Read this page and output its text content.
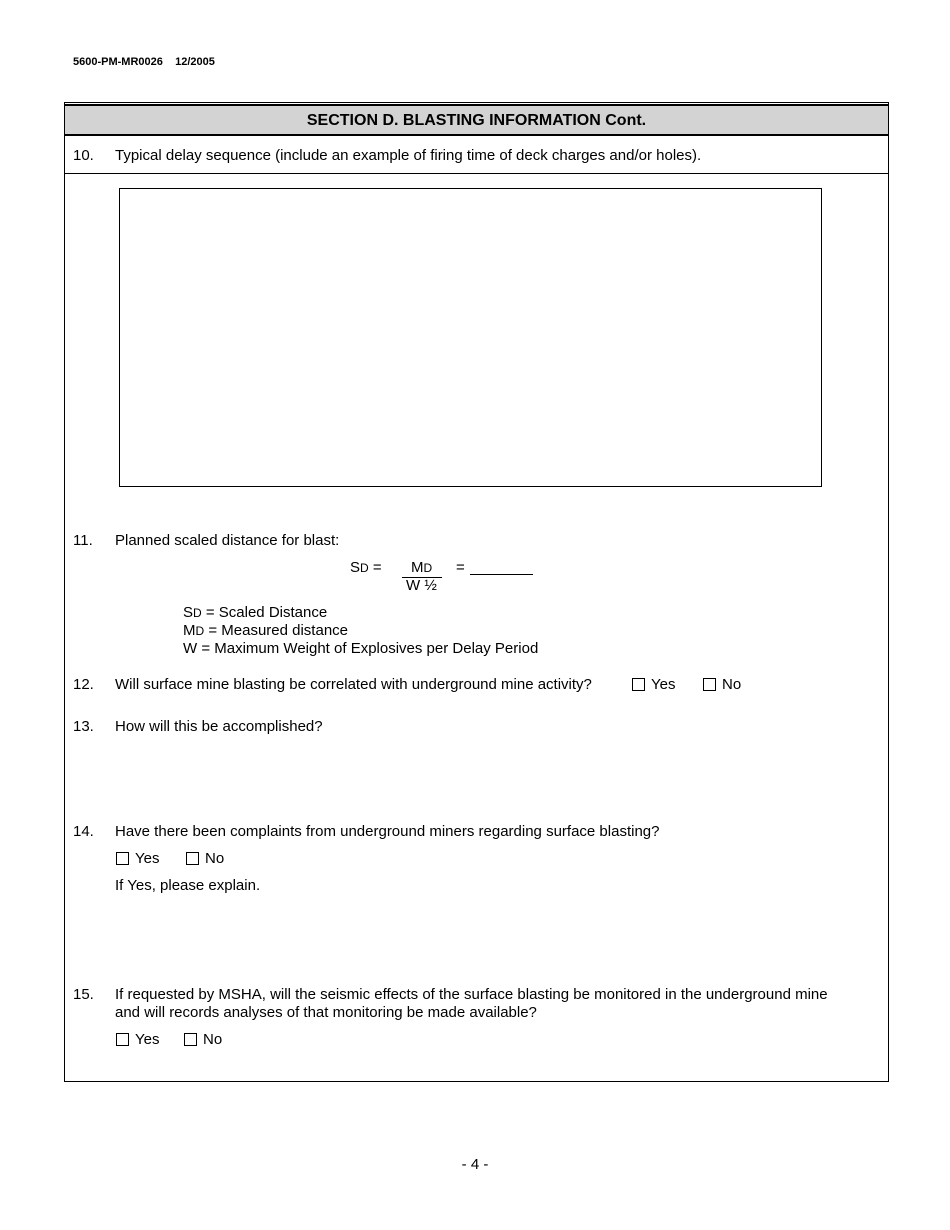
5600-PM-MR0026    12/2005
SECTION D. BLASTING INFORMATION Cont.
10. Typical delay sequence (include an example of firing time of deck charges and/or holes).
11. Planned scaled distance for blast:
SD = MD
W ½
=
SD = Scaled Distance
MD = Measured distance
W = Maximum Weight of Explosives per Delay Period
12. Will surface mine blasting be correlated with underground mine activity?	Yes	No
13. How will this be accomplished?
14. Have there been complaints from underground miners regarding surface blasting?
Yes	No
If Yes, please explain.
15. If requested by MSHA, will the seismic effects of the surface blasting be monitored in the underground mine
and will records analyses of that monitoring be made available?
Yes	No
- 4 -
